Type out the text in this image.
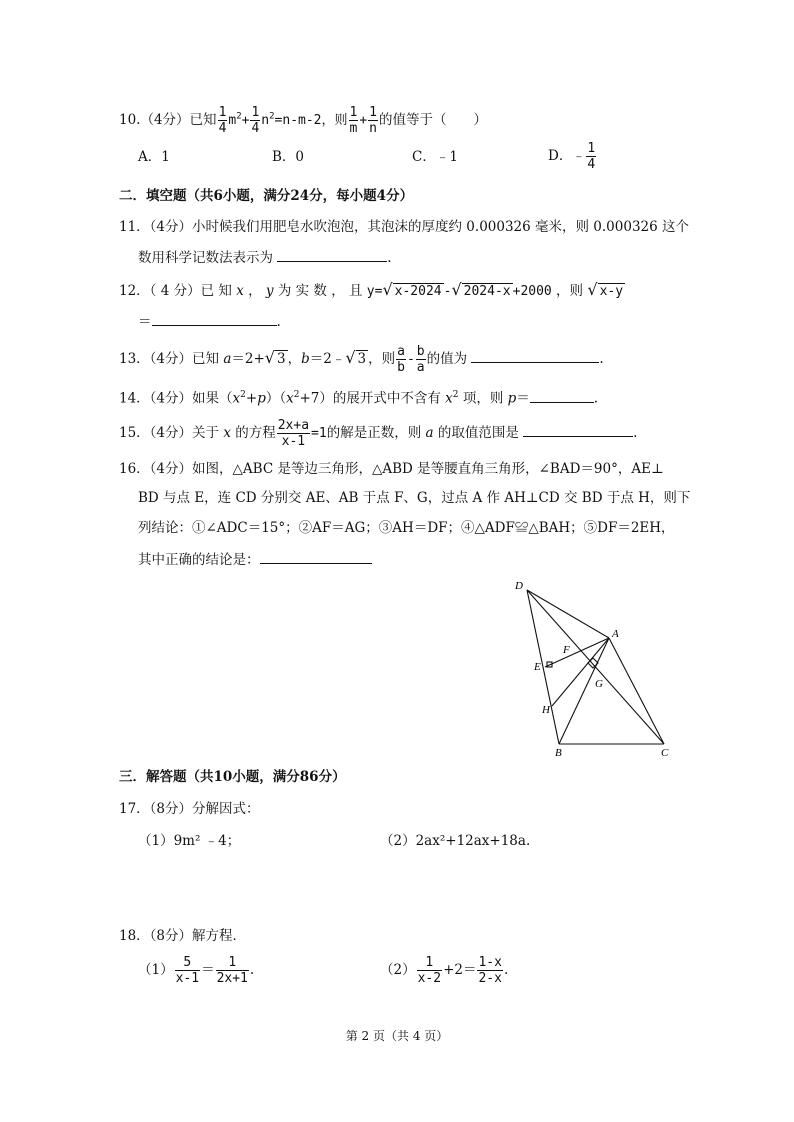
10.（4分）已知 $\frac{1}{4} m^2+ \frac{1}{4} n^2=n-m-2$，则 $\frac{1}{m} + \frac{1}{n}$ 的值等于（　　）
A．1	B．0	C．﹣1	D．﹣ $\frac{1}{4}$
二．填空题（共6小题，满分24分，每小题4分）
11．（4分）小时候我们用肥皂水吹泡泡，其泡沫的厚度约 0.000326 毫米，则 0.000326 这个
数用科学记数法表示为	.
12．（ 4 分）已 知 x ， y 为 实 数 ， 且 y=√ x-2024 -√ 2024-x +2000 ，则 √ x-y
＝	.
13．（4分）已知 a＝2+√ 3 ，b＝2﹣√ 3 ，则 $\frac{a}{b} - \frac{b}{a}$ 的值为	.
14．（4分）如果$(x^2+p)(x^2+7)$的展开式中不含有 $x^2$ 项，则 p＝	.
15．（4分）关于 x 的方程 $\frac{2x+a}{x-1} =1$的解是正数，则 a 的取值范围是	.
16．（4分）如图，△ABC 是等边三角形，△ABD 是等腰直角三角形，∠BAD＝90°，AE⊥
BD 与点 E，连 CD 分别交 AE、AB 于点 F、G，过点 A 作 AH⊥CD 交 BD 于点 H，则下
列结论：①∠ADC＝15°；②AF＝AG；③AH＝DF；④△ADF≌△BAH；⑤DF＝2EH，
其中正确的结论是：
D
A
F
E
G
H
B	C
三．解答题（共10小题，满分86分）
17．（8分）分解因式：
（1）9m² ﹣4；	（2）2ax²+12ax+18a.
18．（8分）解方程．
$(1) \frac{5}{x-1} = \frac{1}{2x+1}$ .	$(2) \frac{1}{x-2} +2= \frac{1-x}{2-x}$ .
第 2 页（共 4 页）
